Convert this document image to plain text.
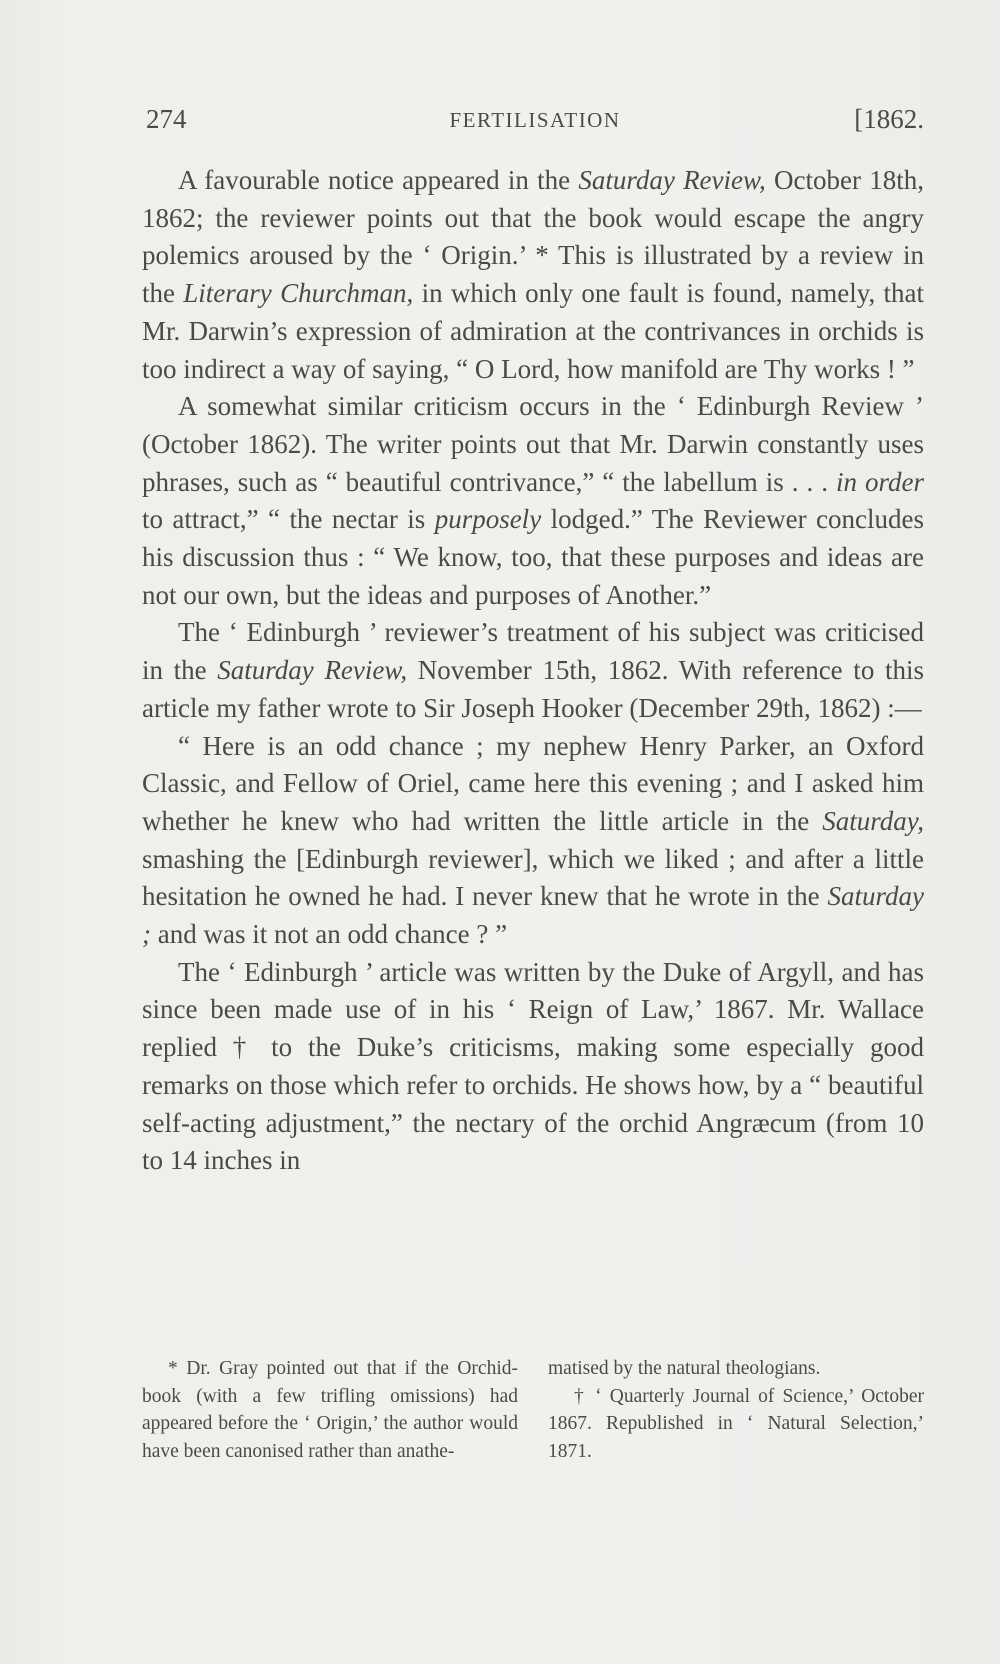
274	FERTILISATION	[1862.

A favourable notice appeared in the Saturday Review, October 18th, 1862; the reviewer points out that the book would escape the angry polemics aroused by the ‘ Origin.’ * This is illustrated by a review in the Literary Churchman, in which only one fault is found, namely, that Mr. Darwin’s expression of admiration at the contrivances in orchids is too indirect a way of saying, “ O Lord, how manifold are Thy works ! ”

A somewhat similar criticism occurs in the ‘ Edinburgh Review ’ (October 1862). The writer points out that Mr. Darwin constantly uses phrases, such as “ beautiful contrivance,” “ the labellum is . . . in order to attract,” “ the nectar is purposely lodged.” The Reviewer concludes his discussion thus : “ We know, too, that these purposes and ideas are not our own, but the ideas and purposes of Another.”

The ‘ Edinburgh ’ reviewer’s treatment of his subject was criticised in the Saturday Review, November 15th, 1862. With reference to this article my father wrote to Sir Joseph Hooker (December 29th, 1862) :—

“ Here is an odd chance ; my nephew Henry Parker, an Oxford Classic, and Fellow of Oriel, came here this evening ; and I asked him whether he knew who had written the little article in the Saturday, smashing the [Edinburgh reviewer], which we liked ; and after a little hesitation he owned he had. I never knew that he wrote in the Saturday ; and was it not an odd chance ? ”

The ‘ Edinburgh ’ article was written by the Duke of Argyll, and has since been made use of in his ‘ Reign of Law,’ 1867. Mr. Wallace replied † to the Duke’s criticisms, making some especially good remarks on those which refer to orchids. He shows how, by a “ beautiful self-acting adjustment,” the nectary of the orchid Angræcum (from 10 to 14 inches in

* Dr. Gray pointed out that if the Orchid-book (with a few trifling omissions) had appeared before the ‘ Origin,’ the author would have been canonised rather than anathe-

matised by the natural theologians.

† ‘ Quarterly Journal of Science,’ October 1867. Republished in ‘ Natural Selection,’ 1871.
